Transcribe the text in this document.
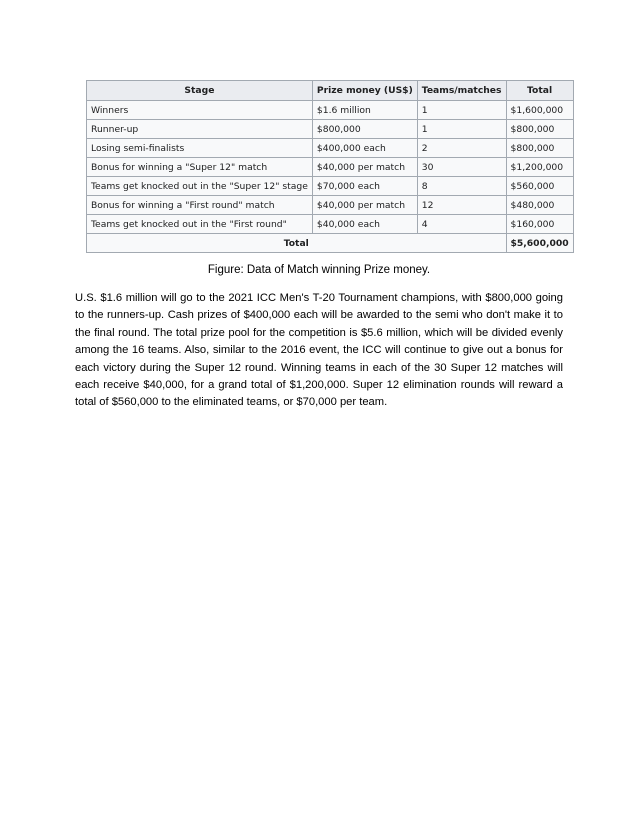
Stage	Prize money (US$)	Teams/matches	Total
Winners	$1.6 million	1	$1,600,000
Runner-up	$800,000	1	$800,000
Losing semi-finalists	$400,000 each	2	$800,000
Bonus for winning a "Super 12" match	$40,000 per match	30	$1,200,000
Teams get knocked out in the "Super 12" stage	$70,000 each	8	$560,000
Bonus for winning a "First round" match	$40,000 per match	12	$480,000
Teams get knocked out in the "First round"	$40,000 each	4	$160,000
Total			$5,600,000
Figure: Data of Match winning Prize money.

U.S. $1.6 million will go to the 2021 ICC Men's T-20 Tournament champions, with $800,000 going to the runners-up. Cash prizes of $400,000 each will be awarded to the semi who don't make it to the final round. The total prize pool for the competition is $5.6 million, which will be divided evenly among the 16 teams. Also, similar to the 2016 event, the ICC will continue to give out a bonus for each victory during the Super 12 round. Winning teams in each of the 30 Super 12 matches will each receive $40,000, for a grand total of $1,200,000. Super 12 elimination rounds will reward a total of $560,000 to the eliminated teams, or $70,000 per team.
